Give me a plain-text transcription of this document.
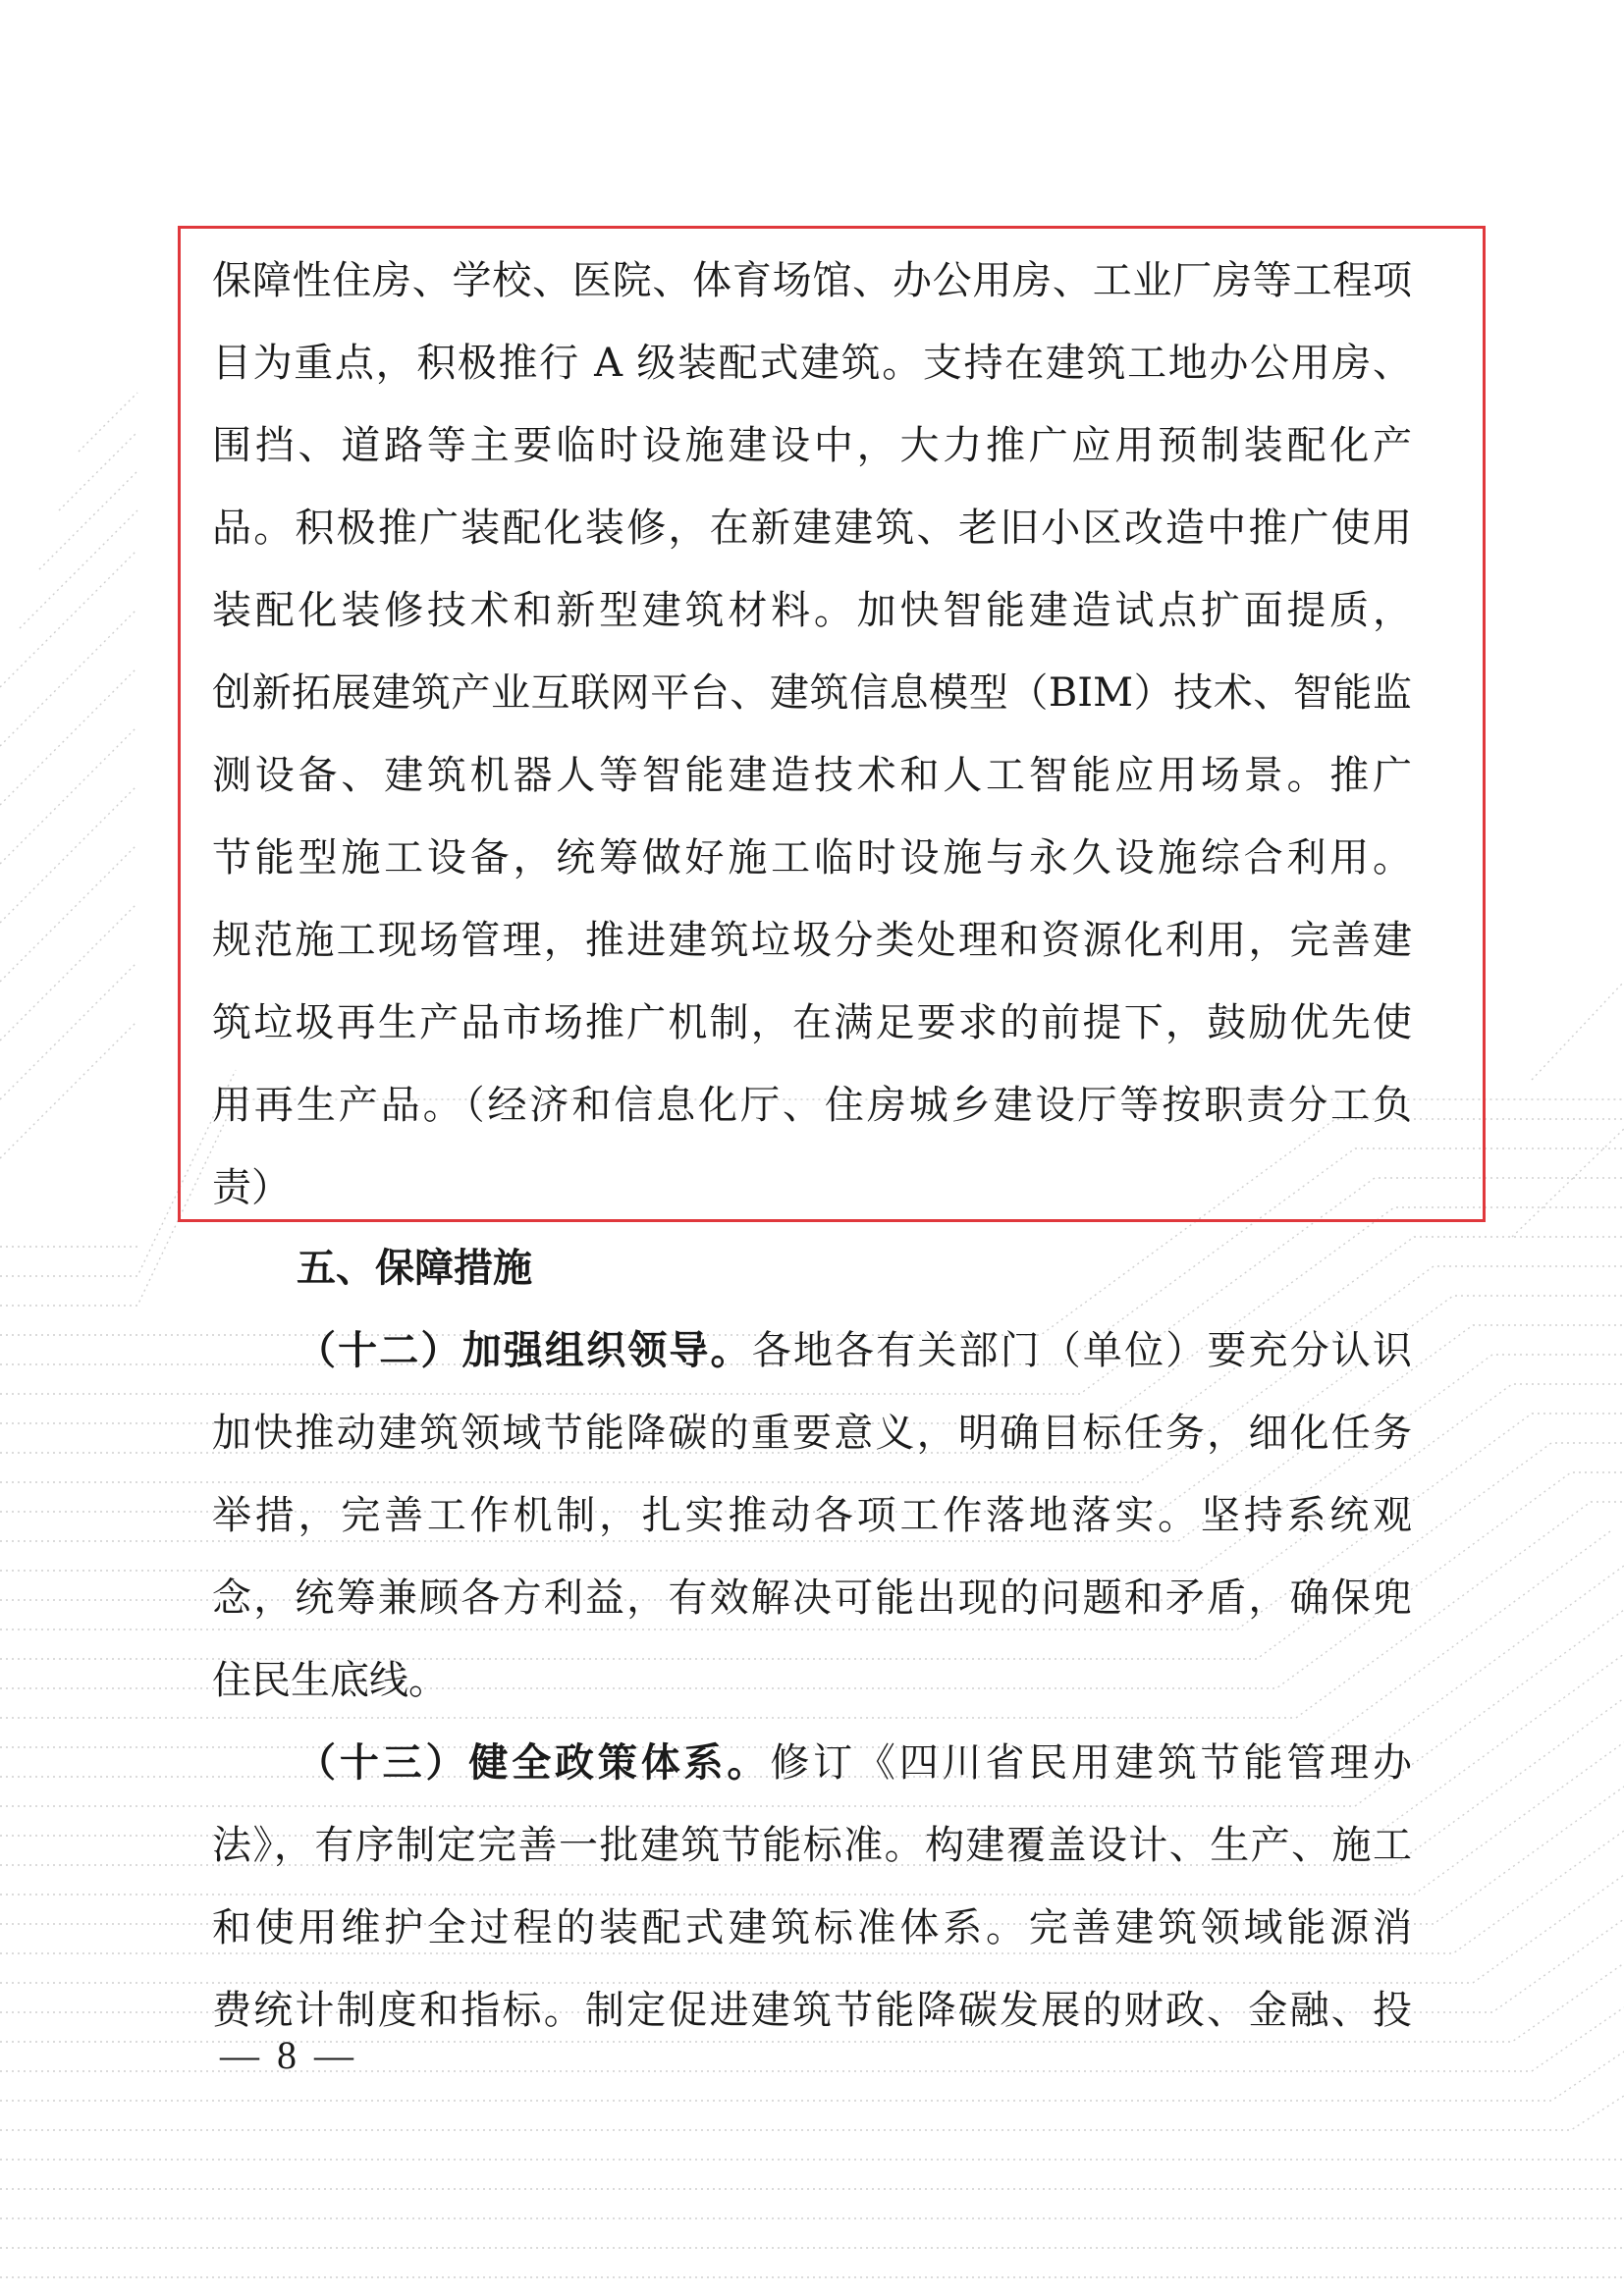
保障性住房、学校、医院、体育场馆、办公用房、工业厂房等工程项
目为重点，积极推行 A 级装配式建筑。支持在建筑工地办公用房、
围挡、道路等主要临时设施建设中，大力推广应用预制装配化产
品。积极推广装配化装修，在新建建筑、老旧小区改造中推广使用
装配化装修技术和新型建筑材料。加快智能建造试点扩面提质，
创新拓展建筑产业互联网平台、建筑信息模型（BIM）技术、智能监
测设备、建筑机器人等智能建造技术和人工智能应用场景。推广
节能型施工设备，统筹做好施工临时设施与永久设施综合利用。
规范施工现场管理，推进建筑垃圾分类处理和资源化利用，完善建
筑垃圾再生产品市场推广机制，在满足要求的前提下，鼓励优先使
用再生产品。（经济和信息化厅、住房城乡建设厅等按职责分工负
责）
五、保障措施
（十二）加强组织领导。各地各有关部门（单位）要充分认识
加快推动建筑领域节能降碳的重要意义，明确目标任务，细化任务
举措，完善工作机制，扎实推动各项工作落地落实。坚持系统观
念，统筹兼顾各方利益，有效解决可能出现的问题和矛盾，确保兜
住民生底线。
（十三）健全政策体系。修订《四川省民用建筑节能管理办
法》，有序制定完善一批建筑节能标准。构建覆盖设计、生产、施工
和使用维护全过程的装配式建筑标准体系。完善建筑领域能源消
费统计制度和指标。制定促进建筑节能降碳发展的财政、金融、投
— 8 —
